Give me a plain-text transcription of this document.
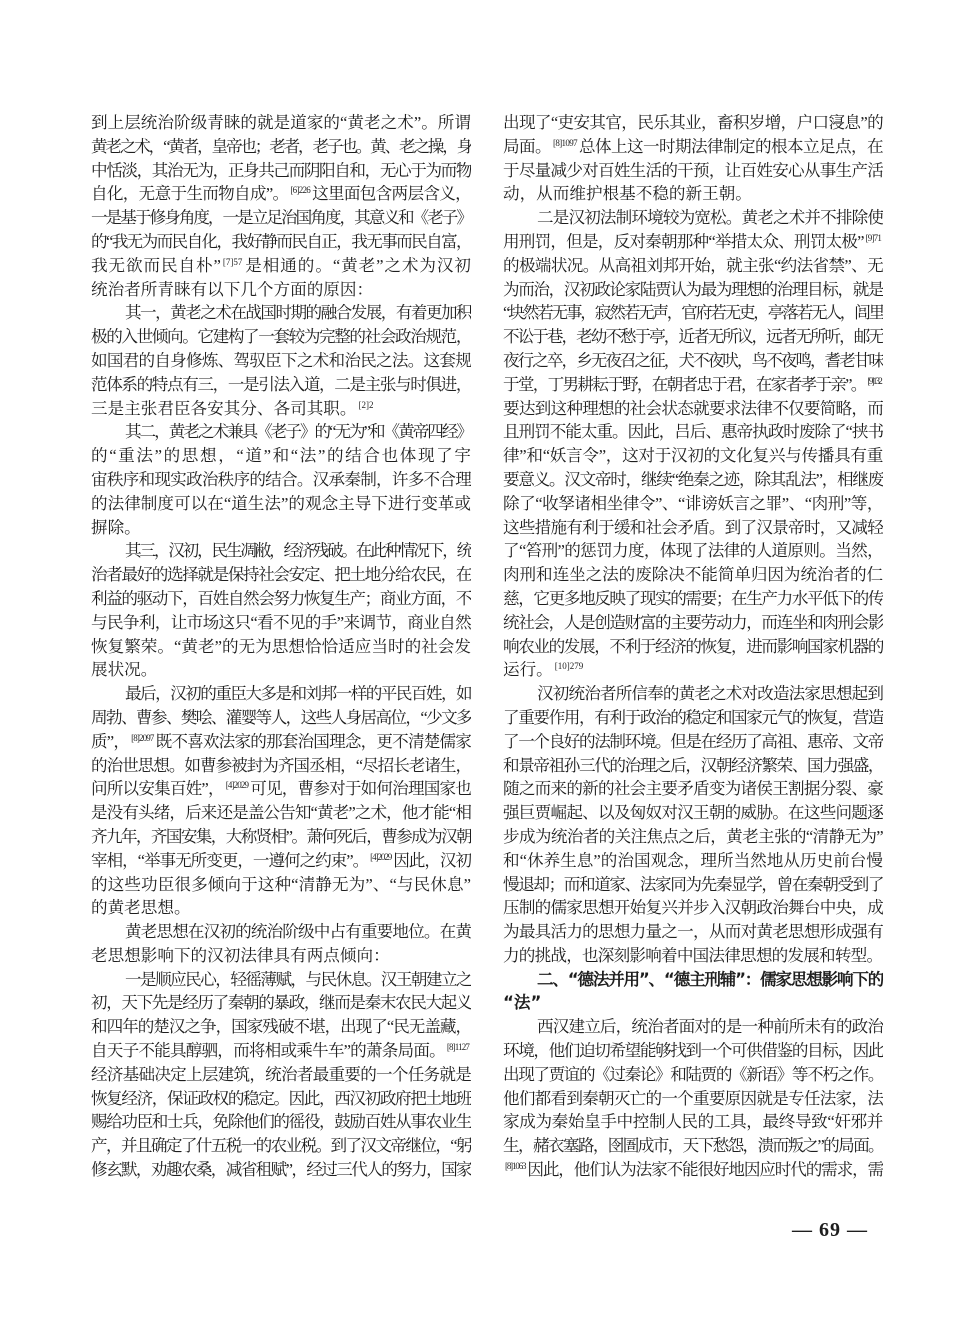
到上层统治阶级青睐的就是道家的“黄老之术”。所谓
黄老之术，“黄者，皇帝也；老者，老子也。黄、老之操，身
中恬淡，其治无为，正身共己而阴阳自和，无心于为而物
自化，无意于生而物自成”。 $^{[6]226}$ 这里面包含两层含义，
一是基于修身角度，一是立足治国角度，其意义和《老子》
的“我无为而民自化，我好静而民自正，我无事而民自富，
我无欲而民自朴” $^{[7]57}$ 是相通的。“黄老”之术为汉初
统治者所青睐有以下几个方面的原因：
其一，黄老之术在战国时期的融合发展，有着更加积
极的入世倾向。它建构了一套较为完整的社会政治规范，
如国君的自身修炼、驾驭臣下之术和治民之法。这套规
范体系的特点有三，一是引法入道，二是主张与时俱进，
三是主张君臣各安其分、各司其职。 $^{[2]2}$
其二，黄老之术兼具《老子》的“无为”和《黄帝四经》
的“重法”的思想，“道”和“法”的结合也体现了宇
宙秩序和现实政治秩序的结合。汉承秦制，许多不合理
的法律制度可以在“道生法”的观念主导下进行变革或
摒除。
其三，汉初，民生凋敝，经济残破。在此种情况下，统
治者最好的选择就是保持社会安定、把土地分给农民，在
利益的驱动下，百姓自然会努力恢复生产；商业方面，不
与民争利，让市场这只“看不见的手”来调节，商业自然
恢复繁荣。“黄老”的无为思想恰恰适应当时的社会发
展状况。
最后，汉初的重臣大多是和刘邦一样的平民百姓，如
周勃、曹参、樊哙、灌婴等人，这些人身居高位，“少文多
质”， $^{[8]2097}$ 既不喜欢法家的那套治国理念，更不清楚儒家
的治世思想。如曹参被封为齐国丞相，“尽招长老诸生，
问所以安集百姓”， $^{[4]2029}$ 可见，曹参对于如何治理国家也
是没有头绪，后来还是盖公告知“黄老”之术，他才能“相
齐九年，齐国安集，大称贤相”。萧何死后，曹参成为汉朝
宰相，“举事无所变更，一遵何之约束”。 $^{[4]2029}$ 因此，汉初
的这些功臣很多倾向于这种“清静无为”、“与民休息”
的黄老思想。
黄老思想在汉初的统治阶级中占有重要地位。在黄
老思想影响下的汉初法律具有两点倾向：
一是顺应民心，轻徭薄赋，与民休息。汉王朝建立之
初，天下先是经历了秦朝的暴政，继而是秦末农民大起义
和四年的楚汉之争，国家残破不堪，出现了“民无盖藏，
自天子不能具醇驷，而将相或乘牛车”的萧条局面。 $^{[8]1127}$
经济基础决定上层建筑，统治者最重要的一个任务就是
恢复经济，保证政权的稳定。因此，西汉初政府把土地班
赐给功臣和士兵，免除他们的徭役，鼓励百姓从事农业生
产，并且确定了什五税一的农业税。到了汉文帝继位，“躬
修玄默，劝趣农桑，减省租赋”，经过三代人的努力，国家
出现了“吏安其官，民乐其业，畜积岁增，户口寖息”的
局面。 $^{[8]1097}$ 总体上这一时期法律制定的根本立足点，在
于尽量减少对百姓生活的干预，让百姓安心从事生产活
动，从而维护根基不稳的新王朝。
二是汉初法制环境较为宽松。黄老之术并不排除使
用刑罚，但是，反对秦朝那种“举措太众、刑罚太极” $^{[9]71}$
的极端状况。从高祖刘邦开始，就主张“约法省禁”、无
为而治，汉初政论家陆贾认为最为理想的治理目标，就是
“块然若无事，寂然若无声，官府若无吏，亭落若无人，闾里
不讼于巷，老幼不愁于亭，近者无所议，远者无所听，邮无
夜行之卒，乡无夜召之征，犬不夜吠，鸟不夜鸣，耆老甘味
于堂，丁男耕耘于野，在朝者忠于君，在家者孝于亲”。 $^{[9]132}$
要达到这种理想的社会状态就要求法律不仅要简略，而
且刑罚不能太重。因此，吕后、惠帝执政时废除了“挟书
律”和“妖言令”，这对于汉初的文化复兴与传播具有重
要意义。汉文帝时，继续“绝秦之迹，除其乱法”，相继废
除了“收孥诸相坐律令”、“诽谤妖言之罪”、“肉刑”等，
这些措施有利于缓和社会矛盾。到了汉景帝时，又减轻
了“笞刑”的惩罚力度，体现了法律的人道原则。当然，
肉刑和连坐之法的废除决不能简单归因为统治者的仁
慈，它更多地反映了现实的需要；在生产力水平低下的传
统社会，人是创造财富的主要劳动力，而连坐和肉刑会影
响农业的发展，不利于经济的恢复，进而影响国家机器的
运行。 $^{[10]279}$
汉初统治者所信奉的黄老之术对改造法家思想起到
了重要作用，有利于政治的稳定和国家元气的恢复，营造
了一个良好的法制环境。但是在经历了高祖、惠帝、文帝
和景帝祖孙三代的治理之后，汉朝经济繁荣、国力强盛，
随之而来的新的社会主要矛盾变为诸侯王割据分裂、豪
强巨贾崛起、以及匈奴对汉王朝的威胁。在这些问题逐
步成为统治者的关注焦点之后，黄老主张的“清静无为”
和“休养生息”的治国观念，理所当然地从历史前台慢
慢退却；而和道家、法家同为先秦显学，曾在秦朝受到了
压制的儒家思想开始复兴并步入汉朝政治舞台中央，成
为最具活力的思想力量之一，从而对黄老思想形成强有
力的挑战，也深刻影响着中国法律思想的发展和转型。
二、“德法并用”、“德主刑辅”：儒家思想影响下的
“法”
西汉建立后，统治者面对的是一种前所未有的政治
环境，他们迫切希望能够找到一个可供借鉴的目标，因此
出现了贾谊的《过秦论》和陆贾的《新语》等不朽之作。
他们都看到秦朝灭亡的一个重要原因就是专任法家，法
家成为秦始皇手中控制人民的工具，最终导致“奸邪并
生，赭衣塞路，囹圄成市，天下愁怨，溃而叛之”的局面。
$^{[8]1063}$ 因此，他们认为法家不能很好地因应时代的需求，需
— 69 —
